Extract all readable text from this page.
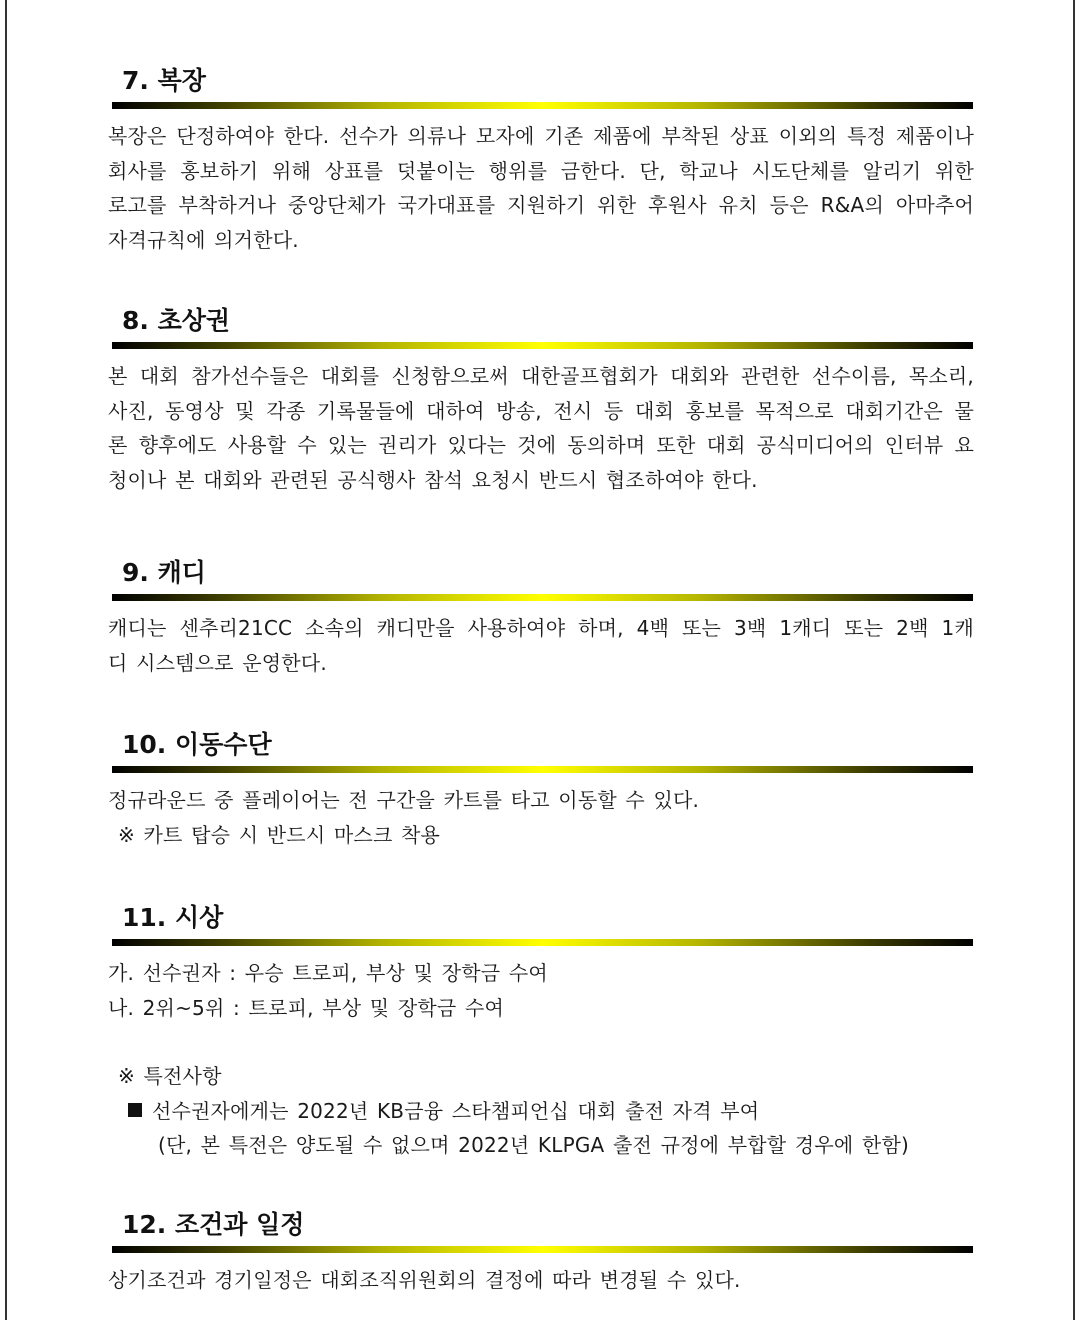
7. 복장
복장은 단정하여야 한다. 선수가 의류나 모자에 기존 제품에 부착된 상표 이외의 특정 제품이나
회사를 홍보하기 위해 상표를 덧붙이는 행위를 금한다. 단, 학교나 시도단체를 알리기 위한
로고를 부착하거나 중앙단체가 국가대표를 지원하기 위한 후원사 유치 등은 R&A의 아마추어
자격규칙에 의거한다.
8. 초상권
본 대회 참가선수들은 대회를 신청함으로써 대한골프협회가 대회와 관련한 선수이름, 목소리,
사진, 동영상 및 각종 기록물들에 대하여 방송, 전시 등 대회 홍보를 목적으로 대회기간은 물
론 향후에도 사용할 수 있는 권리가 있다는 것에 동의하며 또한 대회 공식미디어의 인터뷰 요
청이나 본 대회와 관련된 공식행사 참석 요청시 반드시 협조하여야 한다.
9. 캐디
캐디는 센추리21CC 소속의 캐디만을 사용하여야 하며, 4백 또는 3백 1캐디 또는 2백 1캐
디 시스템으로 운영한다.
10. 이동수단
정규라운드 중 플레이어는 전 구간을 카트를 타고 이동할 수 있다.
※ 카트 탑승 시 반드시 마스크 착용
11. 시상
가. 선수권자 : 우승 트로피, 부상 및 장학금 수여
나. 2위~5위 : 트로피, 부상 및 장학금 수여
※ 특전사항
선수권자에게는 2022년 KB금융 스타챔피언십 대회 출전 자격 부여
(단, 본 특전은 양도될 수 없으며 2022년 KLPGA 출전 규정에 부합할 경우에 한함)
12. 조건과 일정
상기조건과 경기일정은 대회조직위원회의 결정에 따라 변경될 수 있다.
